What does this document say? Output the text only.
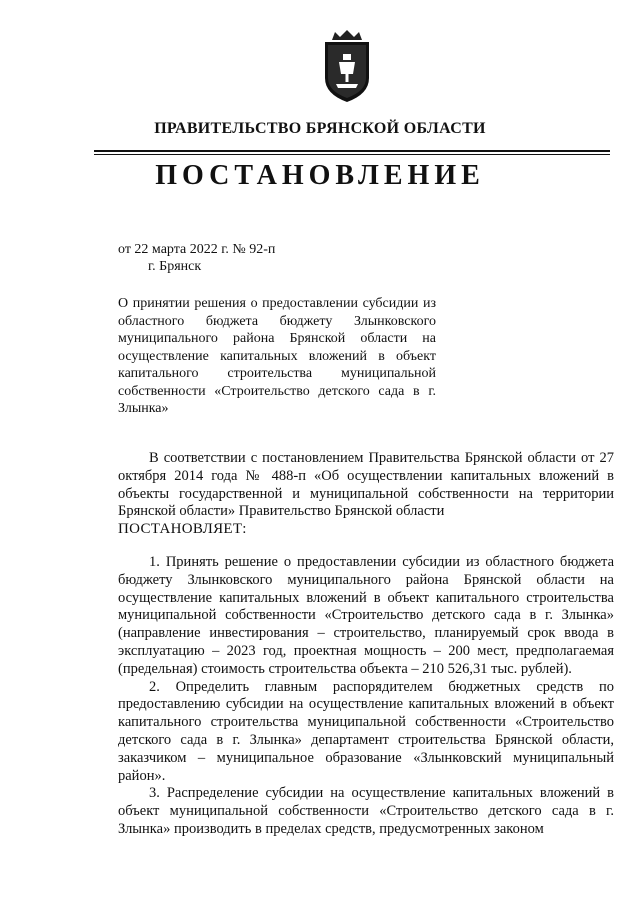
ПРАВИТЕЛЬСТВО БРЯНСКОЙ ОБЛАСТИ
ПОСТАНОВЛЕНИЕ
от 22 марта 2022 г. № 92-п
г. Брянск
О принятии решения о предоставлении субсидии из областного бюджета бюджету Злынковского муниципального района Брянской области на осуществление капитальных вложений в объект капитального строительства муниципальной собственности «Строительство детского сада в г. Злынка»

В соответствии с постановлением Правительства Брянской области от 27 октября 2014 года № 488-п «Об осуществлении капитальных вложений в объекты государственной и муниципальной собственности на территории Брянской области» Правительство Брянской области

ПОСТАНОВЛЯЕТ:

1. Принять решение о предоставлении субсидии из областного бюджета бюджету Злынковского муниципального района Брянской области на осуществление капитальных вложений в объект капитального строительства муниципальной собственности «Строительство детского сада в г. Злынка» (направление инвестирования – строительство, планируемый срок ввода в эксплуатацию – 2023 год, проектная мощность – 200 мест, предполагаемая (предельная) стоимость строительства объекта – 210 526,31 тыс. рублей).

2. Определить главным распорядителем бюджетных средств по предоставлению субсидии на осуществление капитальных вложений в объект капитального строительства муниципальной собственности «Строительство детского сада в г. Злынка» департамент строительства Брянской области, заказчиком – муниципальное образование «Злынковский муниципальный район».

3. Распределение субсидии на осуществление капитальных вложений в объект муниципальной собственности «Строительство детского сада в г. Злынка» производить в пределах средств, предусмотренных законом
